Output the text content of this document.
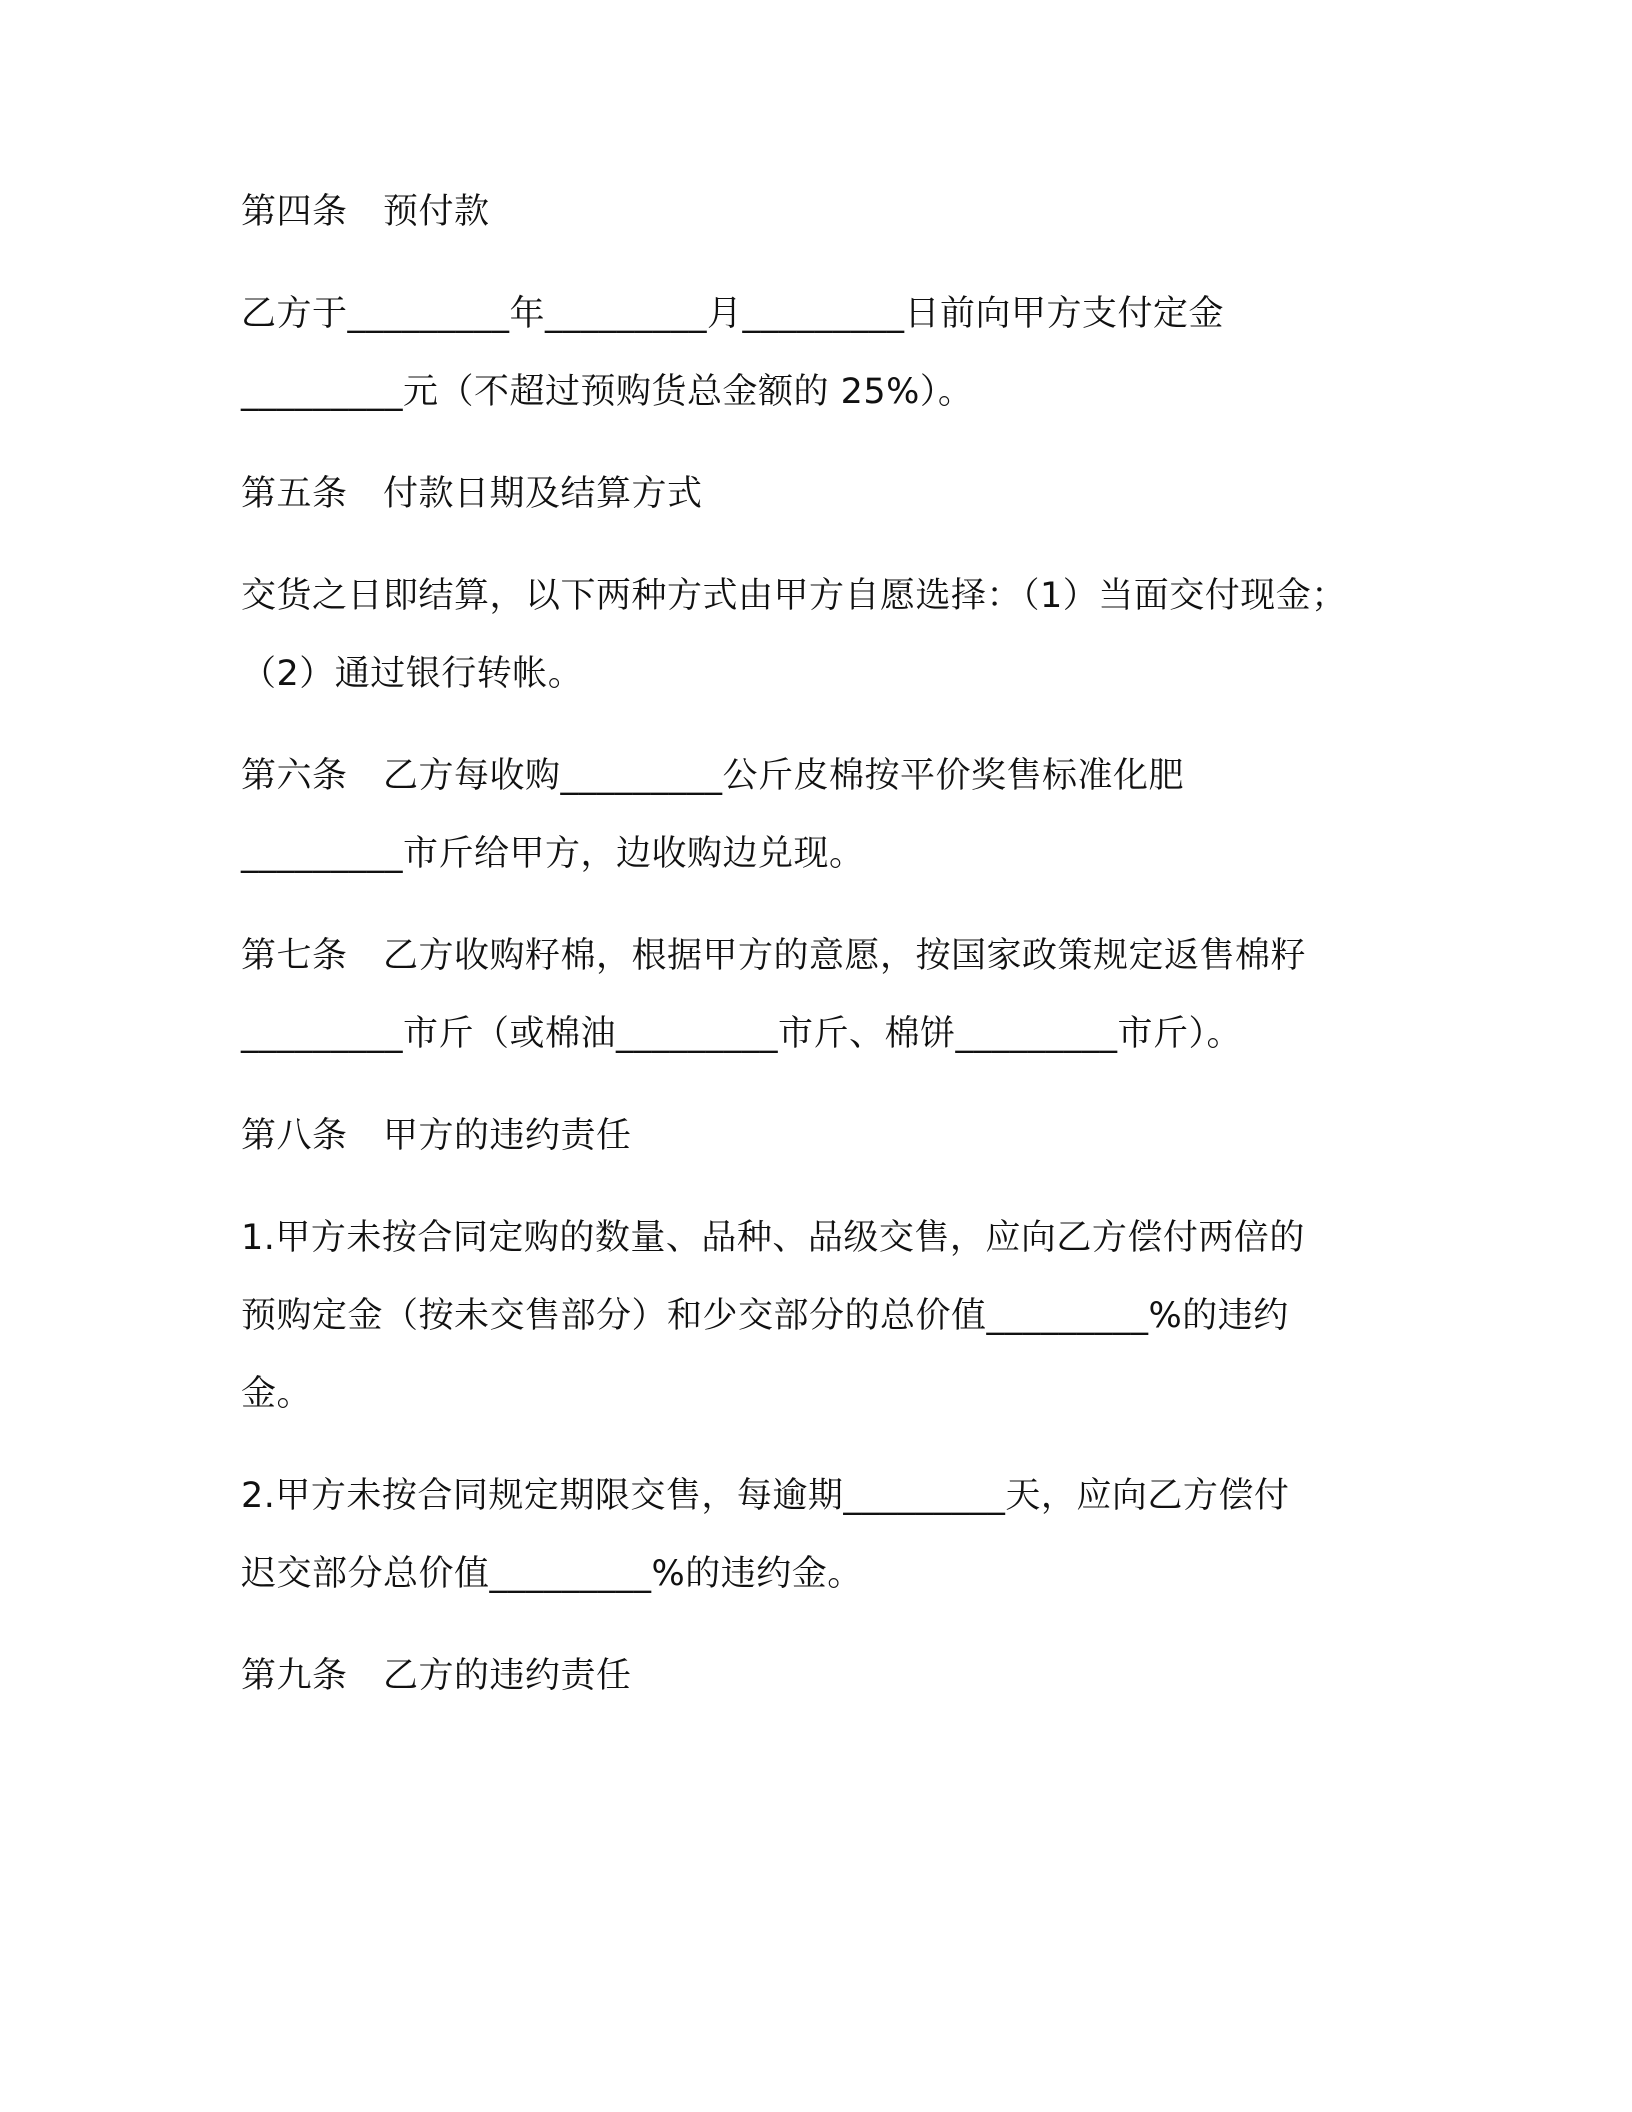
第四条　预付款
乙方于_________年_________月_________日前向甲方支付定金
_________元（不超过预购货总金额的 25%）。
第五条　付款日期及结算方式
交货之日即结算，以下两种方式由甲方自愿选择：（1）当面交付现金；
（2）通过银行转帐。
第六条　乙方每收购_________公斤皮棉按平价奖售标准化肥
_________市斤给甲方，边收购边兑现。
第七条　乙方收购籽棉，根据甲方的意愿，按国家政策规定返售棉籽
_________市斤（或棉油_________市斤、棉饼_________市斤）。
第八条　甲方的违约责任
1.甲方未按合同定购的数量、品种、品级交售，应向乙方偿付两倍的
预购定金（按未交售部分）和少交部分的总价值_________%的违约
金。
2.甲方未按合同规定期限交售，每逾期_________天，应向乙方偿付
迟交部分总价值_________%的违约金。
第九条　乙方的违约责任
